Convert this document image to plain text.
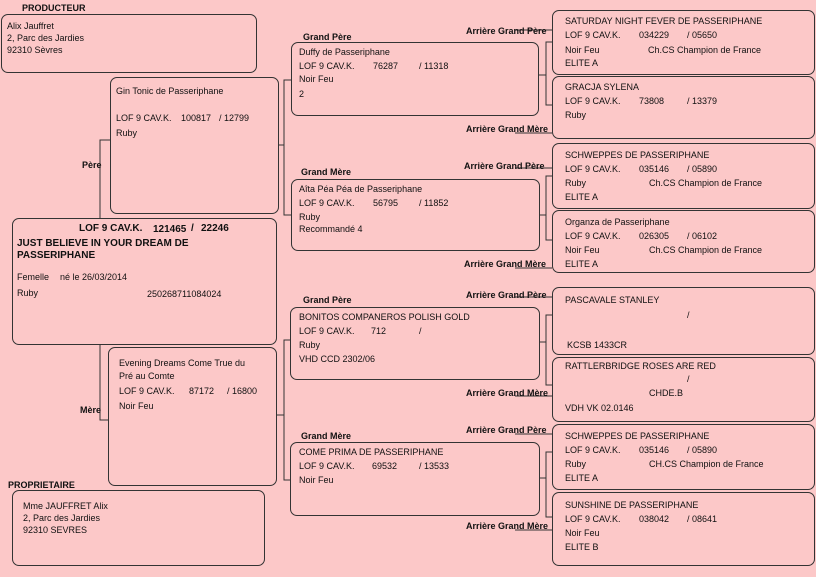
PRODUCTEUR
Alix Jauffret
2, Parc des Jardies
92310 Sèvres
LOF 9 CAV.K. 121465 / 22246
JUST BELIEVE IN YOUR DREAM DE
PASSERIPHANE
Femelle né le 26/03/2014
Ruby	250268711084024
Père
Mère
Gin Tonic de Passeriphane
LOF 9 CAV.K. 100817 / 12799
Ruby
Evening Dreams Come True du
Pré au Comte
LOF 9 CAV.K. 87172 / 16800
Noir Feu
PROPRIETAIRE
Mme JAUFFRET Alix
2, Parc des Jardies
92310 SEVRES
Grand Père
Grand Mère
Grand Père
Grand Mère
Duffy de Passeriphane
LOF 9 CAV.K. 76287 / 11318
Noir Feu
2
Aîta Péa Péa de Passeriphane
LOF 9 CAV.K. 56795 / 11852
Ruby
Recommandé 4
BONITOS COMPANEROS POLISH GOLD
LOF 9 CAV.K. 712	/
Ruby
VHD CCD 2302/06
COME PRIMA DE PASSERIPHANE
LOF 9 CAV.K. 69532 / 13533
Noir Feu
Arrière Grand Père
Arrière Grand Mère
Arrière Grand Père
Arrière Grand Mère
Arrière Grand Père
Arrière Grand Mère
Arrière Grand Père
Arrière Grand Mère
SATURDAY NIGHT FEVER DE PASSERIPHANE
LOF 9 CAV.K. 034229 / 05650
Noir Feu	Ch.CS Champion de France
ELITE A
GRACJA SYLENA
LOF 9 CAV.K. 73808	/ 13379
Ruby
SCHWEPPES DE PASSERIPHANE
LOF 9 CAV.K. 035146 / 05890
Ruby	Ch.CS Champion de France
ELITE A
Organza de Passeriphane
LOF 9 CAV.K. 026305 / 06102
Noir Feu	Ch.CS Champion de France
ELITE A
PASCAVALE STANLEY
/
KCSB 1433CR
RATTLERBRIDGE ROSES ARE RED
/
CHDE.B
VDH VK 02.0146
SCHWEPPES DE PASSERIPHANE
LOF 9 CAV.K. 035146 / 05890
Ruby	CH.CS Champion de France
ELITE A
SUNSHINE DE PASSERIPHANE
LOF 9 CAV.K. 038042 / 08641
Noir Feu
ELITE B
